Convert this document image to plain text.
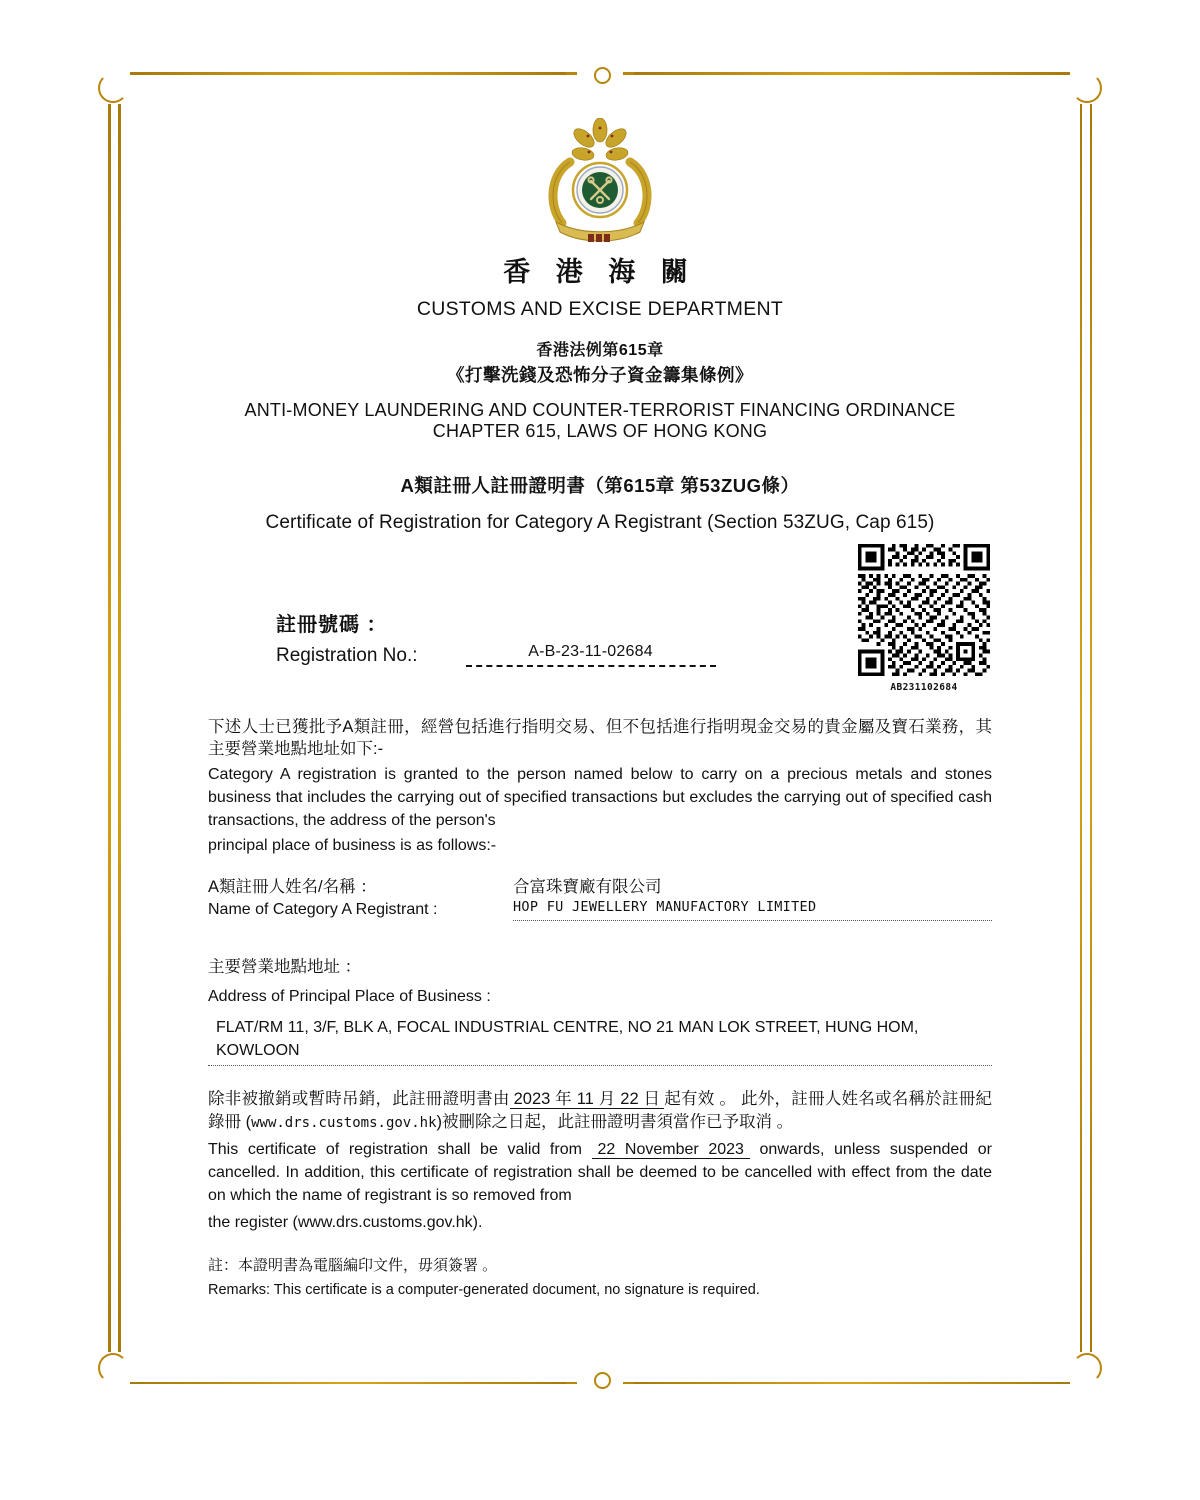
香 港 海 關
CUSTOMS AND EXCISE DEPARTMENT
香港法例第615章
《打擊洗錢及恐怖分子資金籌集條例》
ANTI-MONEY LAUNDERING AND COUNTER-TERRORIST FINANCING ORDINANCE
CHAPTER 615, LAWS OF HONG KONG
A類註冊人註冊證明書（第615章 第53ZUG條）
Certificate of Registration for Category A Registrant (Section 53ZUG, Cap 615)
AB231102684
註冊號碼 ：
Registration No.:	A-B-23-11-02684
下述人士已獲批予A類註冊，經營包括進行指明交易、但不包括進行指明現金交易的貴金屬及寶石業務，其主要營業地點地址如下:-
Category A registration is granted to the person named below to carry on a precious metals and stones business that includes the carrying out of specified transactions but excludes the carrying out of specified cash transactions, the address of the person's
principal place of business is as follows:-
A類註冊人姓名/名稱 ：
Name of Category A Registrant :
合富珠寶廠有限公司
HOP FU JEWELLERY MANUFACTORY LIMITED
主要營業地點地址 ：
Address of Principal Place of Business :
FLAT/RM 11, 3/F, BLK A, FOCAL INDUSTRIAL CENTRE, NO 21 MAN LOK STREET, HUNG HOM, KOWLOON
除非被撤銷或暫時吊銷，此註冊證明書由 2023 年 11 月 22 日 起有效 。 此外，註冊人姓名或名稱於註冊紀錄冊 (www.drs.customs.gov.hk)被刪除之日起，此註冊證明書須當作已予取消 。
This certificate of registration shall be valid from 22 November 2023 onwards, unless suspended or cancelled. In addition, this certificate of registration shall be deemed to be cancelled with effect from the date on which the name of registrant is so removed from
the register (www.drs.customs.gov.hk).
註：本證明書為電腦編印文件，毋須簽署 。
Remarks: This certificate is a computer-generated document, no signature is required.
